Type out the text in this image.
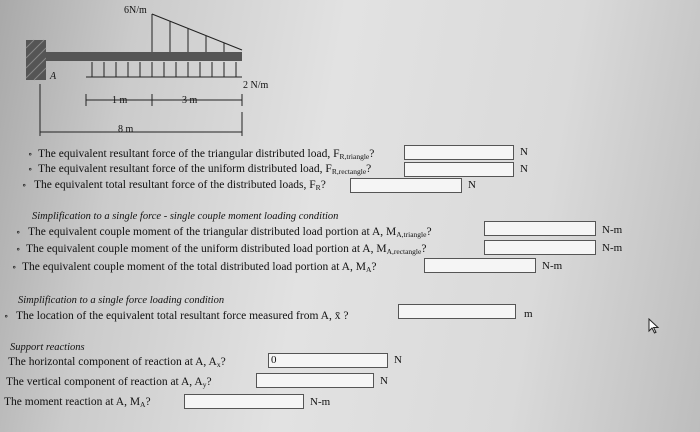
6N/m
2 N/m
A
1 m	3 m
8 m
∘ The equivalent resultant force of the triangular distributed load, $F_{R,triangle}$?	N
∘ The equivalent resultant force of the uniform distributed load, $F_{R,rectangle}$?	N
∘ The equivalent total resultant force of the distributed loads, $F_R$?	N
Simplification to a single force - single couple moment loading condition
∘ The equivalent couple moment of the triangular distributed load portion at A, $M_{A,triangle}$?	N-m
∘ The equivalent couple moment of the uniform distributed load portion at A, $M_{A,rectangle}$?	N-m
∘ The equivalent couple moment of the total distributed load portion at A, $M_A$?	N-m
Simplification to a single force loading condition
∘ The location of the equivalent total resultant force measured from A, x̄ ?	m
Support reactions
The horizontal component of reaction at A, $A_x$?	0	N
The vertical component of reaction at A, $A_y$?	N
The moment reaction at A, $M_A$?	N-m
